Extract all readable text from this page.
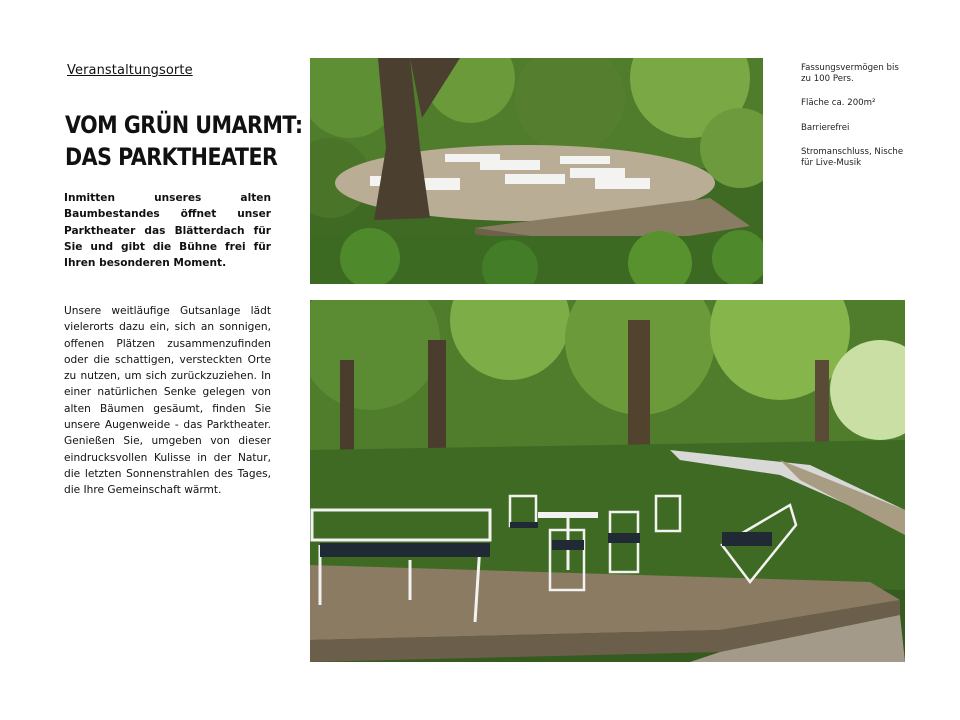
Veranstaltungsorte
VOM GRÜN UMARMT:
DAS PARKTHEATER

Inmitten unseres alten Baumbestandes öffnet unser Parktheater das Blätterdach für Sie und gibt die Bühne frei für Ihren besonderen Moment.

Unsere weitläufige Gutsanlage lädt vielerorts dazu ein, sich an sonnigen, offenen Plätzen zusammenzufinden oder die schattigen, versteckten Orte zu nutzen, um sich zurückzuziehen. In einer natürlichen Senke gelegen von alten Bäumen gesäumt, finden Sie unsere Augenweide - das Parktheater. Genießen Sie, umgeben von dieser eindrucksvollen Kulisse in der Natur, die letzten Sonnenstrahlen des Tages, die Ihre Gemeinschaft wärmt.

Fassungsvermögen bis zu 100 Pers.
Fläche ca. 200m²
Barrierefrei
Stromanschluss, Nische für Live-Musik
